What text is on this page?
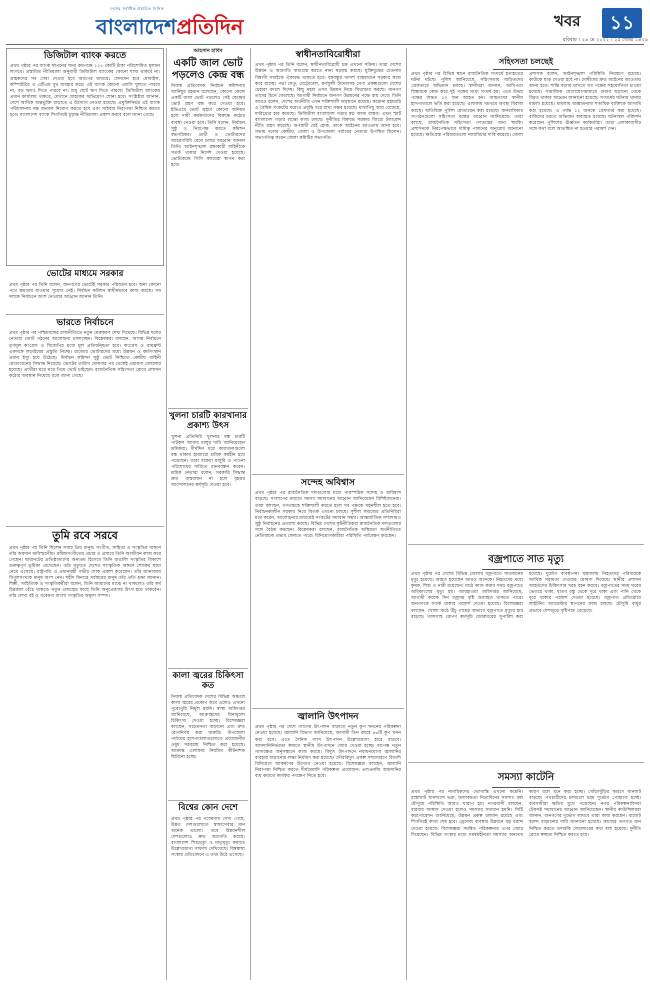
দেশের সর্বাধিক প্রচারিত দৈনিক
বাংলাদেশপ্রতিদিন	খবর	১১
রবিবার । ২৯ মে ২০২২ । ১৫ জ্যৈষ্ঠ ১৪২৯
ডিজিটাল ব্যাংক করতে
প্রথম পৃষ্ঠার পর ব্যাংক স্থাপনের জন্য কমপক্ষে ১২৫ কোটি টাকা পরিশোধিত মূলধন লাগবে। প্রস্তাবিত নীতিমালা অনুযায়ী ডিজিটাল ব্যাংকের কোনো শাখা থাকবে না। গ্রাহকদের সব সেবা দেওয়া হবে অ্যাপের মাধ্যমে। লেনদেন হবে মোবাইল, কম্পিউটার ও এটিএম বুথ ব্যবহার করে। এই ব্যাংক কোনো এলসি খুলতে পারবে না, বড় ঋণও দিতে পারবে না। শুধু ছোট ঋণ দিতে পারবে। ডিজিটাল ব্যাংকের প্রধান কার্যালয় থাকবে, যেখানে গ্রাহকের অভিযোগ শোনা হবে। সংশ্লিষ্টরা জানান, দেশে আর্থিক অন্তর্ভুক্তি বাড়াতে এ উদ্যোগ নেওয়া হয়েছে। প্রযুক্তিনির্ভর এই ব্যাংক পরিচালনায় দক্ষ জনবল নিয়োগ করতে হবে এবং সাইবার নিরাপত্তা নিশ্চিত করতে হবে। বাংলাদেশ ব্যাংক শিগগিরই চূড়ান্ত নীতিমালা প্রকাশ করবে বলে জানা গেছে।
ভোটের মাধ্যমে সরকার
প্রথম পৃষ্ঠার পর তিনি বলেন, জনগণের ভোটেই সরকার পরিবর্তন হবে। অন্য কোনো পথে ক্ষমতায় যাওয়ার সুযোগ নেই। নির্বাচন কমিশন স্বাধীনভাবে কাজ করছে। সব দলকে নির্বাচনে অংশ নেওয়ার আহ্বান জানান তিনি।
ভারতে নির্বাচনে
প্রথম পৃষ্ঠার পর পশ্চিমবঙ্গের রাজনীতিতে নতুন মেরুকরণ দেখা দিয়েছে। বিভিন্ন দলের নেতারা জোট গঠনের আলোচনা চালাচ্ছেন। বিশ্লেষকরা বলছেন, আসন্ন নির্বাচনে তৃণমূল কংগ্রেস ও বিজেপির মধ্যে মূল প্রতিদ্বন্দ্বিতা হবে। কংগ্রেস ও বামফ্রন্ট একসঙ্গে লড়াইয়ের প্রস্তুতি নিচ্ছে। রাজ্যের ভোটারদের মধ্যে উন্নয়ন ও কর্মসংস্থান প্রধান ইস্যু হয়ে উঠেছে। নির্বাচন কমিশন সুষ্ঠু ভোট নিশ্চিতে কেন্দ্রীয় বাহিনী মোতায়েনের সিদ্ধান্ত নিয়েছে। ভোটের তারিখ ঘোষণার পর থেকেই প্রচারণা জোরদার হয়েছে। প্রার্থীরা ঘরে ঘরে গিয়ে ভোট চাইছেন। রাজনৈতিক সহিংসতা রোধে প্রশাসন কঠোর অবস্থান নিয়েছে বলে জানা গেছে।
তুমি রবে সরবে
প্রথম পৃষ্ঠার পর তিনি ছিলেন সবার প্রিয় মানুষ। সংগীত, সাহিত্য ও সংস্কৃতির অঙ্গনে তাঁর অবদান অবিস্মরণীয়। রবীন্দ্রসংগীতের প্রচার ও প্রসারে তিনি আজীবন কাজ করে গেছেন। ছায়ানটের প্রতিষ্ঠাতাদের অন্যতম হিসেবে তিনি বাঙালি সংস্কৃতির বিকাশে গুরুত্বপূর্ণ ভূমিকা রেখেছেন। তাঁর মৃত্যুতে দেশের সাংস্কৃতিক অঙ্গনে শোকের ছায়া নেমে এসেছে। রাষ্ট্রপতি ও প্রধানমন্ত্রী গভীর শোক প্রকাশ করেছেন। তাঁর জানাজায় বিপুলসংখ্যক মানুষ অংশ নেন। শহীদ মিনারে সর্বস্তরের মানুষ তাঁর প্রতি শ্রদ্ধা জানান। শিল্পী, সাহিত্যিক ও সংস্কৃতিকর্মীরা বলেন, তিনি আমাদের মাঝে না থাকলেও তাঁর কর্ম চিরকাল বেঁচে থাকবে। নতুন প্রজন্মের কাছে তিনি অনুপ্রেরণার উৎস হয়ে থাকবেন। তাঁর লেখা বই ও গবেষণা বাংলা সংস্কৃতির অমূল্য সম্পদ।
আহসান হাবিব
একটি জাল ভোট পড়লেও কেন্দ্র বন্ধ
নিজস্ব প্রতিবেদক নির্বাচন কমিশনার আনিছুর রহমান বলেছেন, কোনো কেন্দ্রে একটি জাল ভোট পড়লেও সেই কেন্দ্রের ভোট গ্রহণ বন্ধ করে দেওয়া হবে। ইভিএমে ভোট গ্রহণে কোনো অনিয়ম হলে দায়ী কর্মকর্তাদের বিরুদ্ধে কঠোর ব্যবস্থা নেওয়া হবে। তিনি বলেন, নির্বাচন সুষ্ঠু ও নিরপেক্ষ করতে কমিশন বদ্ধপরিকর। প্রার্থী ও ভোটারদের আচরণবিধি মেনে চলার আহ্বান জানান তিনি। আইনশৃঙ্খলা রক্ষাকারী বাহিনীকে সতর্ক থাকার নির্দেশ দেওয়া হয়েছে। ভোটকেন্দ্রে সিসি ক্যামেরা স্থাপন করা হবে।
খুলনা চারটি কারখানার প্রকাশ্য উৎস
খুলনা প্রতিনিধি খুলনার বন্ধ চারটি পাটকল আবার চালুর দাবি জানিয়েছেন শ্রমিকরা। দীর্ঘদিন ধরে কারখানাগুলো বন্ধ থাকায় হাজারো শ্রমিক কর্মহীন হয়ে পড়েছেন। তারা বকেয়া মজুরি ও পাওনা পরিশোধের দাবিতে মানববন্ধন করেন। শ্রমিক নেতারা বলেন, সরকারি সিদ্ধান্ত দ্রুত বাস্তবায়ন না হলে বৃহত্তর আন্দোলনের কর্মসূচি দেওয়া হবে।
কালা জ্বরের চিকিৎসা কত
নিজস্ব প্রতিবেদক দেশের বিভিন্ন অঞ্চলে কালা জ্বরের প্রকোপ কমে এলেও এখনো পুরোপুরি নির্মূল হয়নি। স্বাস্থ্য অধিদপ্তর জানিয়েছে, আক্রান্তদের বিনামূল্যে চিকিৎসা দেওয়া হচ্ছে। বিশেষজ্ঞরা বলছেন, সচেতনতা বাড়ানো এবং দ্রুত রোগনির্ণয় করা জরুরি। উপজেলা পর্যায়ের হাসপাতালগুলোতে প্রয়োজনীয় ওষুধ সরবরাহ নিশ্চিত করা হয়েছে। আক্রান্ত এলাকায় নিয়মিত কীটনাশক ছিটানো হচ্ছে।
বিশ্বের কোন দেশে
প্রথম পৃষ্ঠার পর গবেষণায় দেখা গেছে, উন্নত দেশগুলোতে স্বাস্থ্যসেবার মান অনেক ভালো। তবে উন্নয়নশীল দেশগুলোও দ্রুত অগ্রগতি করছে। বাংলাদেশ শিশুমৃত্যু ও মাতৃমৃত্যু কমাতে উল্লেখযোগ্য সাফল্য দেখিয়েছে। বিশ্বস্বাস্থ্য সংস্থার প্রতিবেদনে এ তথ্য উঠে এসেছে।
স্বাধীনতাবিরোধীরা
প্রথম পৃষ্ঠার পর তিনি বলেন, স্বাধীনতাবিরোধী চক্র এখনো সক্রিয়। তারা দেশের উন্নয়ন ও অগ্রগতি বাধাগ্রস্ত করতে নানা ষড়যন্ত্র করছে। মুক্তিযুদ্ধের চেতনায় বিশ্বাসী সবাইকে ঐক্যবদ্ধ থাকতে হবে। বঙ্গবন্ধুর আদর্শ বাস্তবায়নে সরকার কাজ করে যাচ্ছে। পদ্মা সেতু, মেট্রোরেল, কর্ণফুলী টানেলসহ মেগা প্রকল্পগুলো দেশের চেহারা বদলে দিচ্ছে। কিছু মহল এসব উন্নয়ন নিয়ে মিথ্যাচার করছে। জনগণ তাদের চিনে ফেলেছে। আগামী নির্বাচনে জনগণ উন্নয়নের পক্ষে রায় দেবে। তিনি আরও বলেন, দেশের অর্থনীতি এখন শক্তিশালী অবস্থানে রয়েছে। করোনা মহামারি ও বৈশ্বিক সংকটের মধ্যেও প্রবৃদ্ধি ধরে রাখা সম্ভব হয়েছে। মাথাপিছু আয় বেড়েছে, দারিদ্র্যের হার কমেছে। ডিজিটাল বাংলাদেশ গড়ার স্বপ্ন আজ বাস্তব। এখন স্মার্ট বাংলাদেশ গড়ার লক্ষ্যে কাজ চলছে। দুর্নীতির বিরুদ্ধে সরকার জিরো টলারেন্স নীতি গ্রহণ করেছে। অপরাধী যেই হোক, তাকে আইনের আওতায় আনা হবে। সভায় দলের কেন্দ্রীয়, জেলা ও উপজেলা পর্যায়ের নেতারা উপস্থিত ছিলেন। সভাপতিত্ব করেন জেলা কমিটির সভাপতি।
সন্দেহ অবিশ্বাস
প্রথম পৃষ্ঠার পর রাজনৈতিক দলগুলোর মধ্যে পারস্পরিক সন্দেহ ও অবিশ্বাস বাড়ছে। সংলাপের মাধ্যমে সমস্যা সমাধানের আহ্বান জানিয়েছেন বিশিষ্টজনেরা। তারা বলছেন, গণতন্ত্রকে শক্তিশালী করতে হলে সব পক্ষকে সহনশীল হতে হবে। নির্বাচনকালীন সরকার নিয়ে বিতর্ক এখনো চলছে। সুশীল সমাজের প্রতিনিধিরা মনে করেন, আলোচনার মাধ্যমেই সংকটের সমাধান সম্ভব। আন্তর্জাতিক সম্প্রদায়ও সুষ্ঠু নির্বাচনের প্রত্যাশা করছে। বিভিন্ন দেশের কূটনীতিকরা রাজনৈতিক দলগুলোর সঙ্গে বৈঠক করছেন। বিশ্লেষকরা বলছেন, রাজনৈতিক অস্থিরতা অর্থনীতিতে নেতিবাচক প্রভাব ফেলতে পারে। বিনিয়োগকারীরা পরিস্থিতি পর্যবেক্ষণ করছেন।
জ্বালানি উৎপাদন
প্রথম পৃষ্ঠার পর দেশে গ্যাসের উৎপাদন বাড়াতে নতুন কূপ খননের পরিকল্পনা নেওয়া হয়েছে। জ্বালানি বিভাগ জানিয়েছে, আগামী তিন বছরে ৪৬টি কূপ খনন করা হবে। এতে দৈনিক গ্যাস উৎপাদন উল্লেখযোগ্য হারে বাড়বে। আমদানিনির্ভরতা কমাতে স্থানীয় উৎপাদনে জোর দেওয়া হচ্ছে। বাপেক্স নতুন গ্যাসক্ষেত্র অনুসন্ধানে কাজ করছে। বিদ্যুৎ উৎপাদনে নবায়নযোগ্য জ্বালানির ব্যবহার বাড়ানোর লক্ষ্য নির্ধারণ করা হয়েছে। সৌরবিদ্যুৎ প্রকল্প সম্প্রসারণে বিদেশি বিনিয়োগ আকর্ষণের উদ্যোগ নেওয়া হয়েছে। বিশেষজ্ঞরা বলছেন, জ্বালানি নিরাপত্তা নিশ্চিত করতে দীর্ঘমেয়াদি পরিকল্পনা প্রয়োজন। এলএনজি আমদানির ব্যয় কমাতে কার্যকর পদক্ষেপ নিতে হবে।
সহিংসতা চলছেই
প্রথম পৃষ্ঠার পর বিভিন্ন স্থানে রাজনৈতিক সংঘর্ষে হতাহতের ঘটনা ঘটছে। পুলিশ জানিয়েছে, সহিংসতায় জড়িতদের গ্রেফতারে অভিযান চলছে। স্থানীয়রা জানান, আধিপত্য বিস্তারকে কেন্দ্র করে দুই পক্ষের মধ্যে সংঘর্ষ হয়। এতে উভয় পক্ষের অন্তত ২০ জন আহত হন। আহতদের স্থানীয় হাসপাতালে ভর্তি করা হয়েছে। এলাকায় থমথমে অবস্থা বিরাজ করছে। অতিরিক্ত পুলিশ মোতায়েন করা হয়েছে। মানবাধিকার সংগঠনগুলো সহিংসতা বন্ধের আহ্বান জানিয়েছে। তারা বলছে, রাজনৈতিক সহিংসতা গণতন্ত্রের জন্য হুমকি। প্রশাসনকে নিরপেক্ষভাবে দায়িত্ব পালনের অনুরোধ জানানো হয়েছে। ক্ষতিগ্রস্ত পরিবারগুলো ন্যায়বিচার দাবি করেছে। জেলা প্রশাসক বলেন, আইনশৃঙ্খলা পরিস্থিতি নিয়ন্ত্রণে রয়েছে। কাউকে ছাড় দেওয়া হবে না। দোষীদের দ্রুত আইনের আওতায় আনা হবে। শান্তি বজায় রাখতে সব পক্ষের সহযোগিতা চাওয়া হয়েছে। সামাজিক যোগাযোগমাধ্যমে গুজব ছড়ানো থেকে বিরত থাকার আহ্বান জানানো হয়েছে। সংঘর্ষের ঘটনায় থানায় মামলা হয়েছে। মামলায় অজ্ঞাতনামা শতাধিক ব্যক্তিকে আসামি করা হয়েছে। এ পর্যন্ত ১২ জনকে গ্রেফতার করা হয়েছে। বাকিদের ধরতে অভিযান অব্যাহত রয়েছে। ঘটনাস্থল পরিদর্শন করেছেন পুলিশের ঊর্ধ্বতন কর্মকর্তারা। তারা এলাকাবাসীর সঙ্গে কথা বলে আতঙ্কিত না হওয়ার পরামর্শ দেন।
বজ্রপাতে সাত মৃত্যু
প্রথম পৃষ্ঠার পর দেশের বিভিন্ন জেলায় বজ্রপাতে সাতজনের মৃত্যু হয়েছে। আহত হয়েছেন আরও অনেকে। নিহতদের মধ্যে কৃষক, শিশু ও নারী রয়েছেন। মাঠে কাজ করার সময় বজ্রপাতে অধিকাংশের মৃত্যু হয়। আবহাওয়া অধিদপ্তর জানিয়েছে, আগামী কয়েক দিন বজ্রসহ বৃষ্টি অব্যাহত থাকতে পারে। জনগণকে সতর্ক থাকার পরামর্শ দেওয়া হয়েছে। বিশেষজ্ঞরা বলছেন, খোলা মাঠে উঁচু গাছের অভাবে বজ্রপাতে মৃত্যুর হার বাড়ছে। তালগাছ রোপণ কর্মসূচি জোরদারের সুপারিশ করা হয়েছে। দুর্যোগ ব্যবস্থাপনা মন্ত্রণালয় নিহতদের পরিবারকে আর্থিক সহায়তা দেওয়ার ঘোষণা দিয়েছে। স্থানীয় প্রশাসন আহতদের চিকিৎসার খরচ বহন করবে। বজ্রপাতের সময় ঘরের ভেতরে থাকা, ধাতব বস্তু থেকে দূরে থাকা এবং পানি থেকে দূরে থাকার পরামর্শ দেওয়া হয়েছে। বজ্রপাত প্রতিরোধে লাইটনিং অ্যারেস্টার স্থাপনের কাজ চলছে। মৌসুমি বায়ুর প্রভাবে দেশজুড়ে বৃষ্টিপাত বেড়েছে।
সমস্যা কাটেনি
প্রথম পৃষ্ঠার পর নাগরিকদের ভোগান্তি এখনো কমেনি। রাস্তাঘাট খানাখন্দে ভরা, জলাবদ্ধতা নিত্যদিনের সমস্যা। বর্ষা মৌসুমে পরিস্থিতি আরও খারাপ হয়। নগরবাসী বলছেন, বারবার আশ্বাস দেওয়া হলেও সমস্যার সমাধান হয়নি। সিটি করপোরেশন জানিয়েছে, উন্নয়ন প্রকল্প চলমান রয়েছে এবং শিগগিরই কাজ শেষ হবে। ড্রেনেজ ব্যবস্থার উন্নয়নে বড় বরাদ্দ দেওয়া হয়েছে। বিশেষজ্ঞরা সমন্বিত পরিকল্পনার ওপর জোর দিয়েছেন। বিভিন্ন সংস্থার মধ্যে সমন্বয়হীনতা সমস্যার অন্যতম কারণ বলে মনে করা হচ্ছে। খোঁড়াখুঁড়ির কারণে যানজট বাড়ছে। পথচারীদের চলাচলে চরম দুর্ভোগ পোহাতে হচ্ছে। ব্যবসায়ীরা ক্ষতির মুখে পড়েছেন। নগর পরিকল্পনাবিদরা টেকসই সমাধানের আহ্বান জানিয়েছেন। স্থানীয় কাউন্সিলররা জানান, জনগণের দুর্ভোগ লাঘবে তারা কাজ করছেন। বাজেট বরাদ্দ বাড়ানোর দাবি জানানো হয়েছে। কাজের গুণগত মান নিশ্চিত করতে তদারকি জোরদারের কথা বলা হয়েছে। দুর্নীতি রোধে স্বচ্ছতা নিশ্চিত করতে হবে।
